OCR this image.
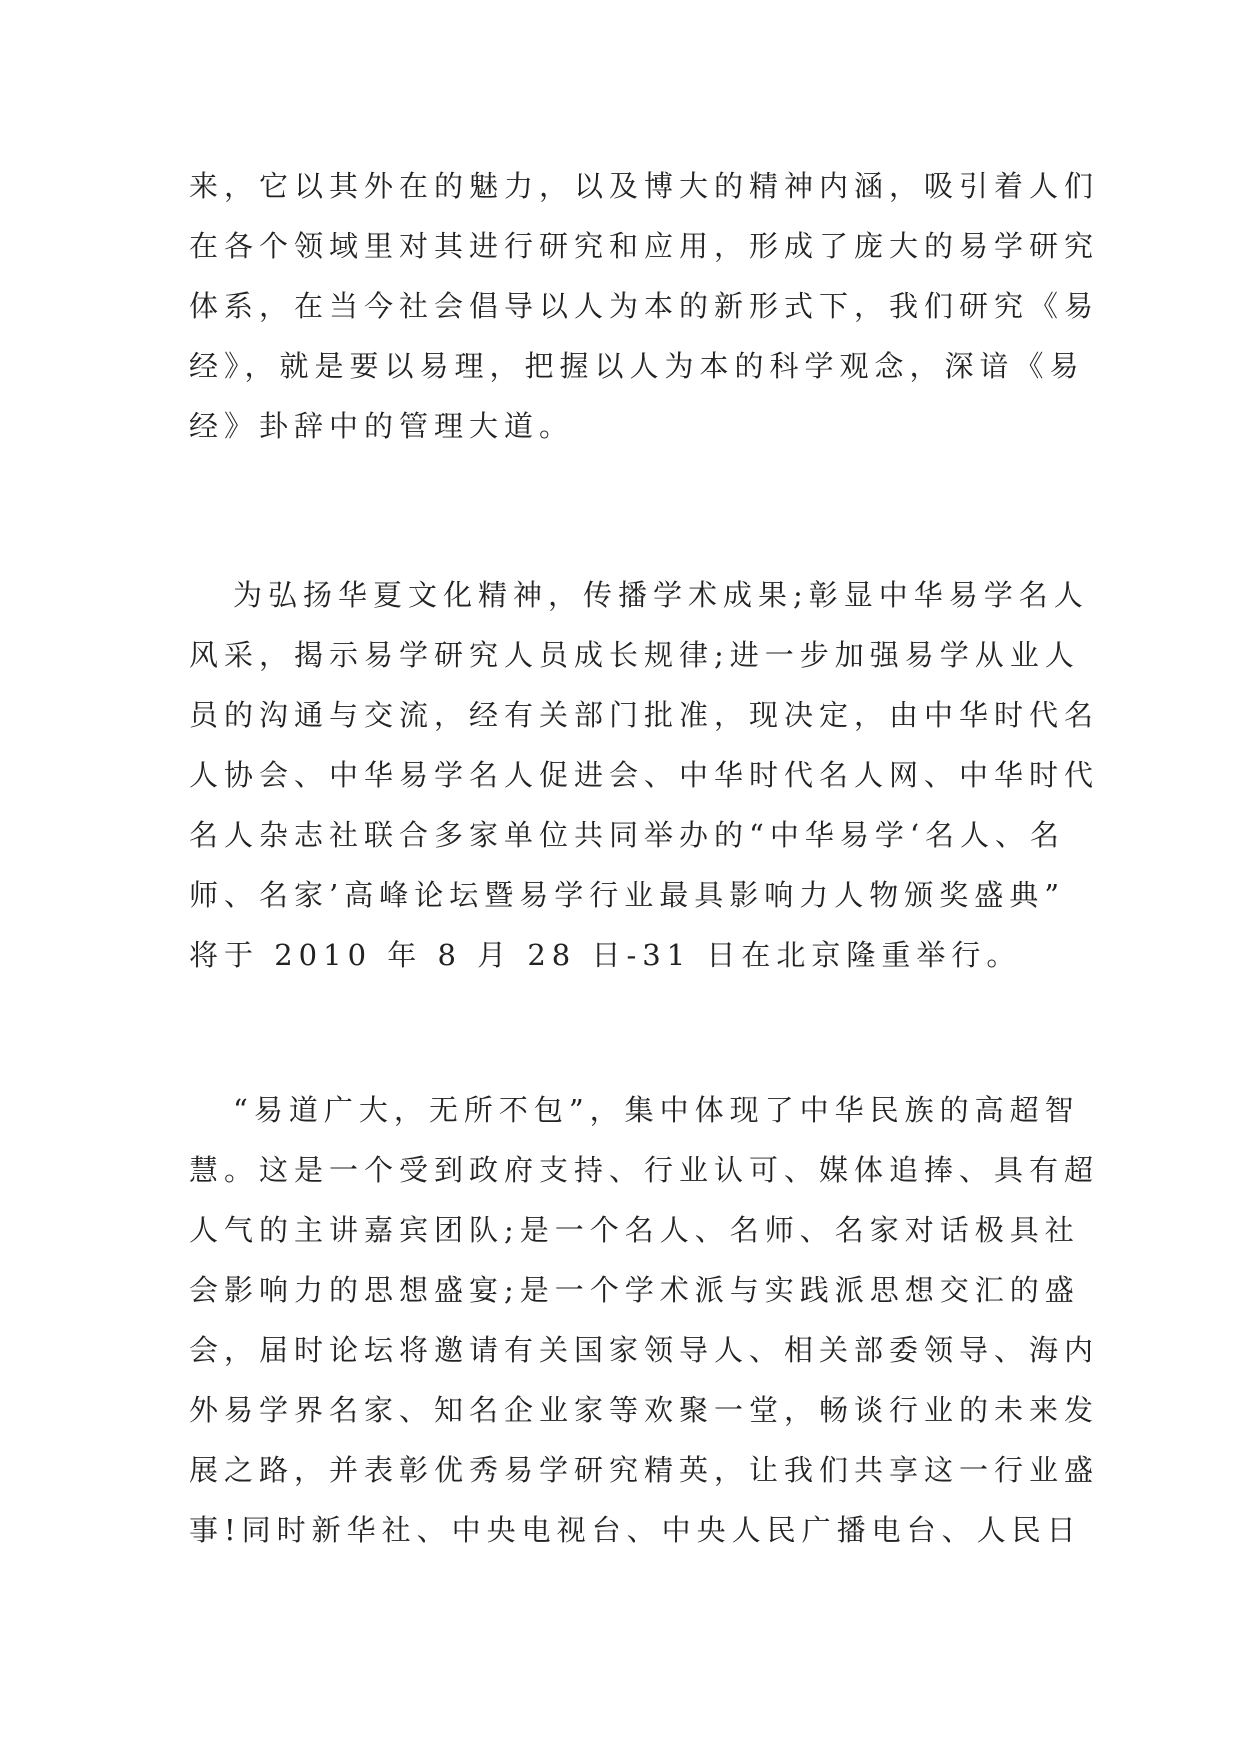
来，它以其外在的魅力，以及博大的精神内涵，吸引着人们
在各个领域里对其进行研究和应用，形成了庞大的易学研究
体系，在当今社会倡导以人为本的新形式下，我们研究《易
经》，就是要以易理，把握以人为本的科学观念，深谙《易
经》卦辞中的管理大道。
为弘扬华夏文化精神，传播学术成果;彰显中华易学名人
风采，揭示易学研究人员成长规律;进一步加强易学从业人
员的沟通与交流，经有关部门批准，现决定，由中华时代名
人协会、中华易学名人促进会、中华时代名人网、中华时代
名人杂志社联合多家单位共同举办的“中华易学‘名人、名
师、名家’高峰论坛暨易学行业最具影响力人物颁奖盛典”
将于 2010 年 8 月 28 日-31 日在北京隆重举行。
“易道广大，无所不包”，集中体现了中华民族的高超智
慧。这是一个受到政府支持、行业认可、媒体追捧、具有超
人气的主讲嘉宾团队;是一个名人、名师、名家对话极具社
会影响力的思想盛宴;是一个学术派与实践派思想交汇的盛
会，届时论坛将邀请有关国家领导人、相关部委领导、海内
外易学界名家、知名企业家等欢聚一堂，畅谈行业的未来发
展之路，并表彰优秀易学研究精英，让我们共享这一行业盛
事!同时新华社、中央电视台、中央人民广播电台、人民日
